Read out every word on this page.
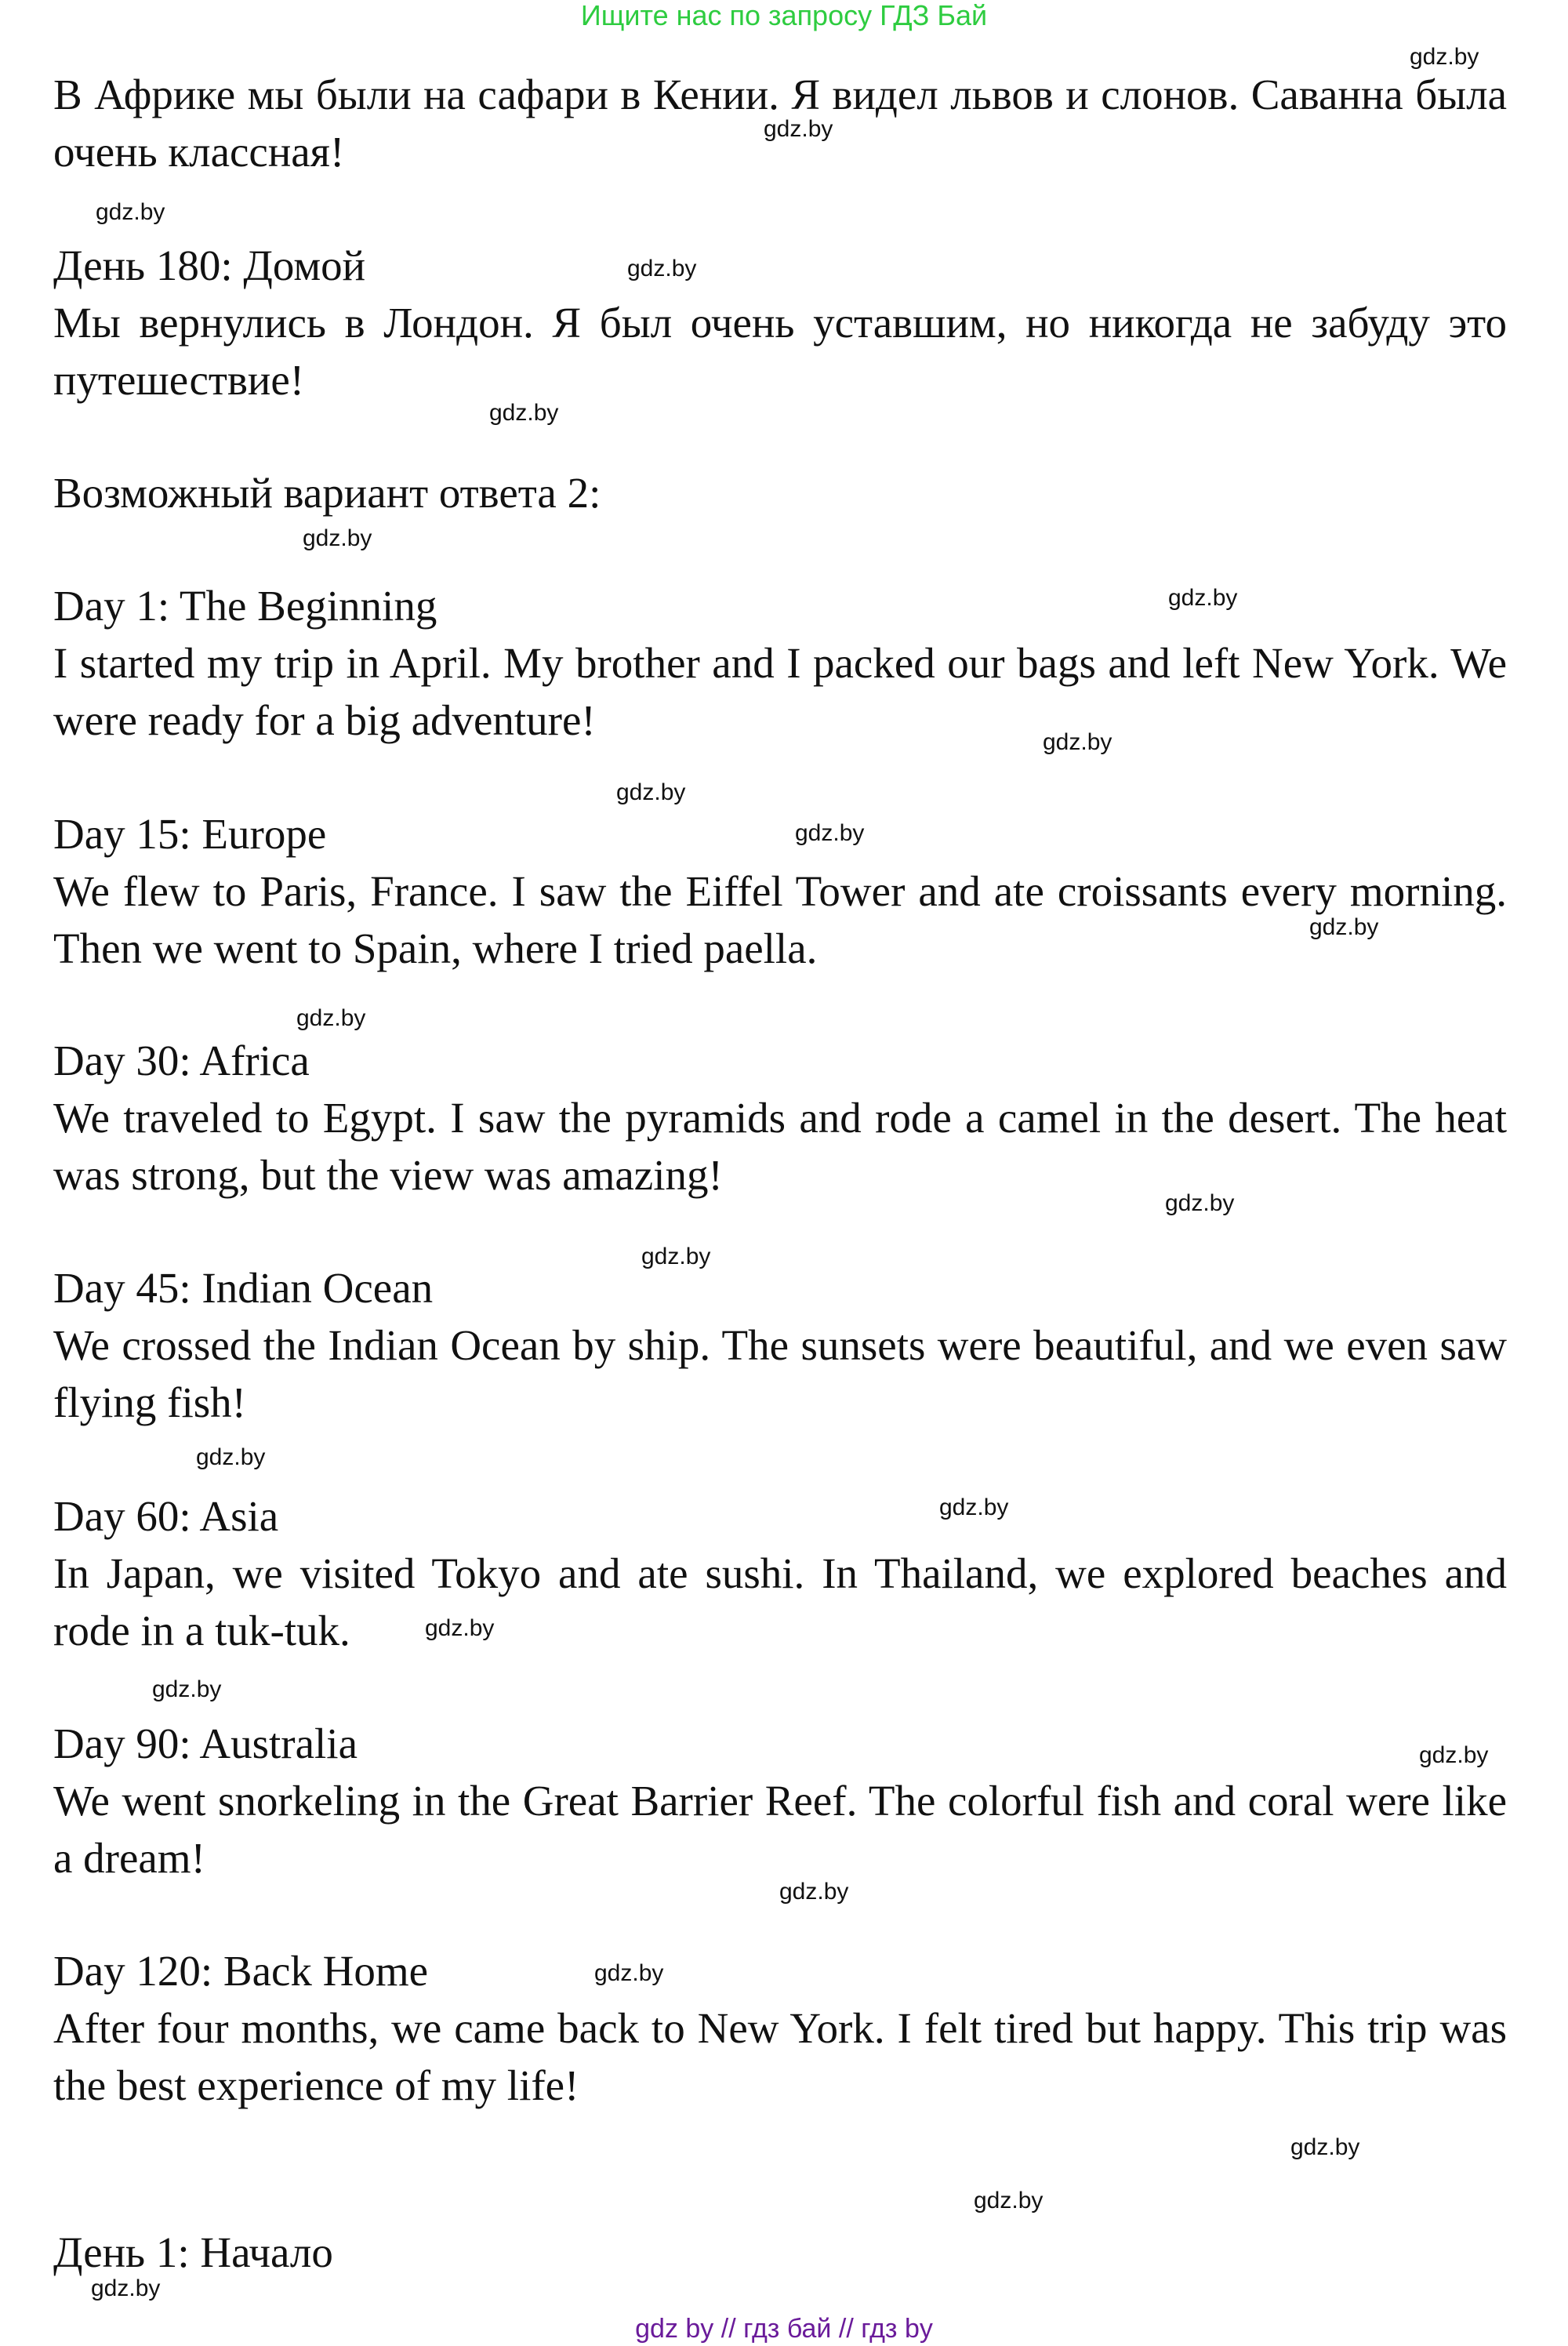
Ищите нас по запросу ГДЗ Бай
В Африке мы были на сафари в Кении. Я видел львов и слонов. Саванна была очень классная!
День 180: Домой
Мы вернулись в Лондон. Я был очень уставшим, но никогда не забуду это путешествие!
Возможный вариант ответа 2:
Day 1: The Beginning
I started my trip in April. My brother and I packed our bags and left New York. We were ready for a big adventure!
Day 15: Europe
We flew to Paris, France. I saw the Eiffel Tower and ate croissants every morning. Then we went to Spain, where I tried paella.
Day 30: Africa
We traveled to Egypt. I saw the pyramids and rode a camel in the desert. The heat was strong, but the view was amazing!
Day 45: Indian Ocean
We crossed the Indian Ocean by ship. The sunsets were beautiful, and we even saw flying fish!
Day 60: Asia
In Japan, we visited Tokyo and ate sushi. In Thailand, we explored beaches and rode in a tuk-tuk.
Day 90: Australia
We went snorkeling in the Great Barrier Reef. The colorful fish and coral were like a dream!
Day 120: Back Home
After four months, we came back to New York. I felt tired but happy. This trip was the best experience of my life!
День 1: Начало
gdz.by
gdz.by
gdz.by
gdz.by
gdz.by
gdz.by
gdz.by
gdz.by
gdz.by
gdz.by
gdz.by
gdz.by
gdz.by
gdz.by
gdz.by
gdz.by
gdz.by
gdz.by
gdz.by
gdz.by
gdz.by
gdz.by
gdz.by
gdz.by
gdz by // гдз бай // гдз by
